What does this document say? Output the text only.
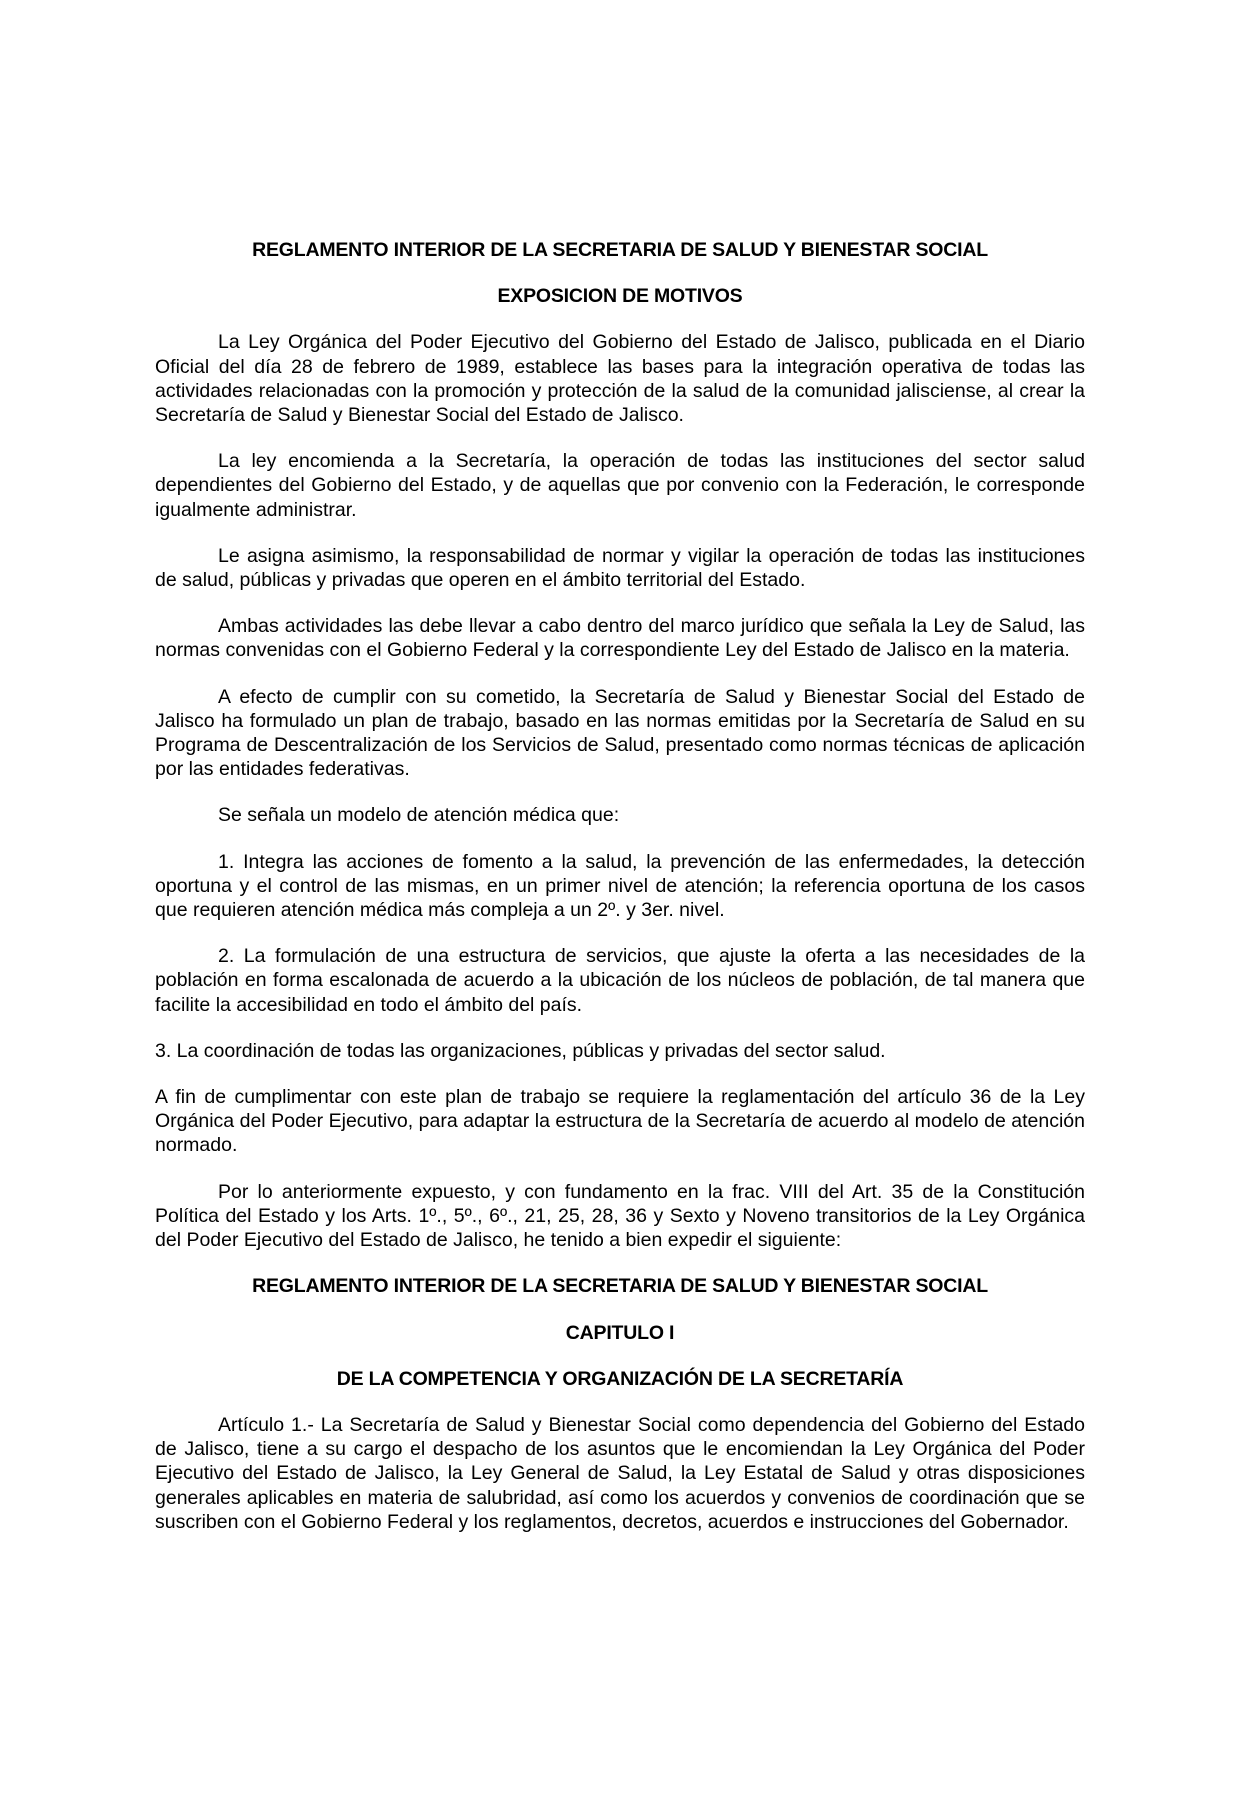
REGLAMENTO INTERIOR DE LA SECRETARIA DE SALUD Y BIENESTAR SOCIAL

EXPOSICION DE MOTIVOS

La Ley Orgánica del Poder Ejecutivo del Gobierno del Estado de Jalisco, publicada en el Diario Oficial del día 28 de febrero de 1989, establece las bases para la integración operativa de todas las actividades relacionadas con la promoción y protección de la salud de la comunidad jalisciense, al crear la Secretaría de Salud y Bienestar Social del Estado de Jalisco.

La ley encomienda a la Secretaría, la operación de todas las instituciones del sector salud dependientes del Gobierno del Estado, y de aquellas que por convenio con la Federación, le corresponde igualmente administrar.

Le asigna asimismo, la responsabilidad de normar y vigilar la operación de todas las instituciones de salud, públicas y privadas que operen en el ámbito territorial del Estado.

Ambas actividades las debe llevar a cabo dentro del marco jurídico que señala la Ley de Salud, las normas convenidas con el Gobierno Federal y la correspondiente Ley del Estado de Jalisco en la materia.

A efecto de cumplir con su cometido, la Secretaría de Salud y Bienestar Social del Estado de Jalisco ha formulado un plan de trabajo, basado en las normas emitidas por la Secretaría de Salud en su Programa de Descentralización de los Servicios de Salud, presentado como normas técnicas de aplicación por las entidades federativas.

Se señala un modelo de atención médica que:

1. Integra las acciones de fomento a la salud, la prevención de las enfermedades, la detección oportuna y el control de las mismas, en un primer nivel de atención; la referencia oportuna de los casos que requieren atención médica más compleja a un 2º. y 3er. nivel.

2. La formulación de una estructura de servicios, que ajuste la oferta a las necesidades de la población en forma escalonada de acuerdo a la ubicación de los núcleos de población, de tal manera que facilite la accesibilidad en todo el ámbito del país.

3. La coordinación de todas las organizaciones, públicas y privadas del sector salud.

A fin de cumplimentar con este plan de trabajo se requiere la reglamentación del artículo 36 de la Ley Orgánica del Poder Ejecutivo, para adaptar la estructura de la Secretaría de acuerdo al modelo de atención normado.

Por lo anteriormente expuesto, y con fundamento en la frac. VIII del Art. 35 de la Constitución Política del Estado y los Arts. 1º., 5º., 6º., 21, 25, 28, 36 y Sexto y Noveno transitorios de la Ley Orgánica del Poder Ejecutivo del Estado de Jalisco, he tenido a bien expedir el siguiente:

REGLAMENTO INTERIOR DE LA SECRETARIA DE SALUD Y BIENESTAR SOCIAL

CAPITULO I

DE LA COMPETENCIA Y ORGANIZACIÓN DE LA SECRETARÍA

Artículo 1.- La Secretaría de Salud y Bienestar Social como dependencia del Gobierno del Estado de Jalisco, tiene a su cargo el despacho de los asuntos que le encomiendan la Ley Orgánica del Poder Ejecutivo del Estado de Jalisco, la Ley General de Salud, la Ley Estatal de Salud y otras disposiciones generales aplicables en materia de salubridad, así como los acuerdos y convenios de coordinación que se suscriben con el Gobierno Federal y los reglamentos, decretos, acuerdos e instrucciones del Gobernador.
